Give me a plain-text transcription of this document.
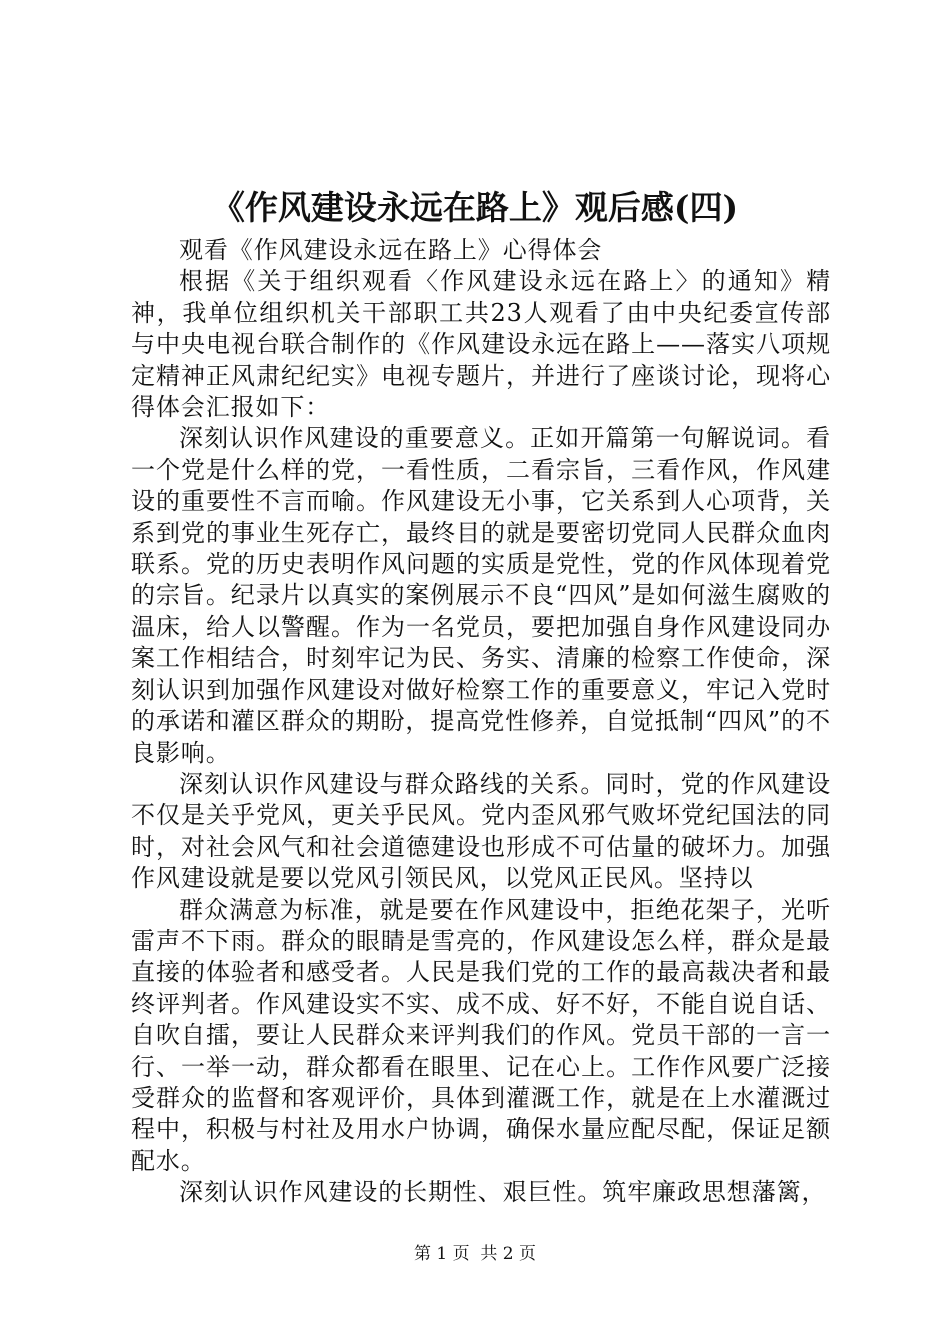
《作风建设永远在路上》观后感(四)

观看《作风建设永远在路上》心得体会

根据《关于组织观看〈作风建设永远在路上〉的通知》精神，我单位组织机关干部职工共23人观看了由中央纪委宣传部与中央电视台联合制作的《作风建设永远在路上——落实八项规定精神正风肃纪纪实》电视专题片，并进行了座谈讨论，现将心得体会汇报如下：

深刻认识作风建设的重要意义。正如开篇第一句解说词。看一个党是什么样的党，一看性质，二看宗旨，三看作风，作风建设的重要性不言而喻。作风建设无小事，它关系到人心项背，关系到党的事业生死存亡，最终目的就是要密切党同人民群众血肉联系。党的历史表明作风问题的实质是党性，党的作风体现着党的宗旨。纪录片以真实的案例展示不良“四风”是如何滋生腐败的温床，给人以警醒。作为一名党员，要把加强自身作风建设同办案工作相结合，时刻牢记为民、务实、清廉的检察工作使命，深刻认识到加强作风建设对做好检察工作的重要意义，牢记入党时的承诺和灌区群众的期盼，提高党性修养，自觉抵制“四风”的不良影响。

深刻认识作风建设与群众路线的关系。同时，党的作风建设不仅是关乎党风，更关乎民风。党内歪风邪气败坏党纪国法的同时，对社会风气和社会道德建设也形成不可估量的破坏力。加强作风建设就是要以党风引领民风，以党风正民风。坚持以

群众满意为标准，就是要在作风建设中，拒绝花架子，光听雷声不下雨。群众的眼睛是雪亮的，作风建设怎么样，群众是最直接的体验者和感受者。人民是我们党的工作的最高裁决者和最终评判者。作风建设实不实、成不成、好不好，不能自说自话、自吹自擂，要让人民群众来评判我们的作风。党员干部的一言一行、一举一动，群众都看在眼里、记在心上。工作作风要广泛接受群众的监督和客观评价，具体到灌溉工作，就是在上水灌溉过程中，积极与村社及用水户协调，确保水量应配尽配，保证足额配水。

深刻认识作风建设的长期性、艰巨性。筑牢廉政思想藩篱，

第 1 页  共 2 页
